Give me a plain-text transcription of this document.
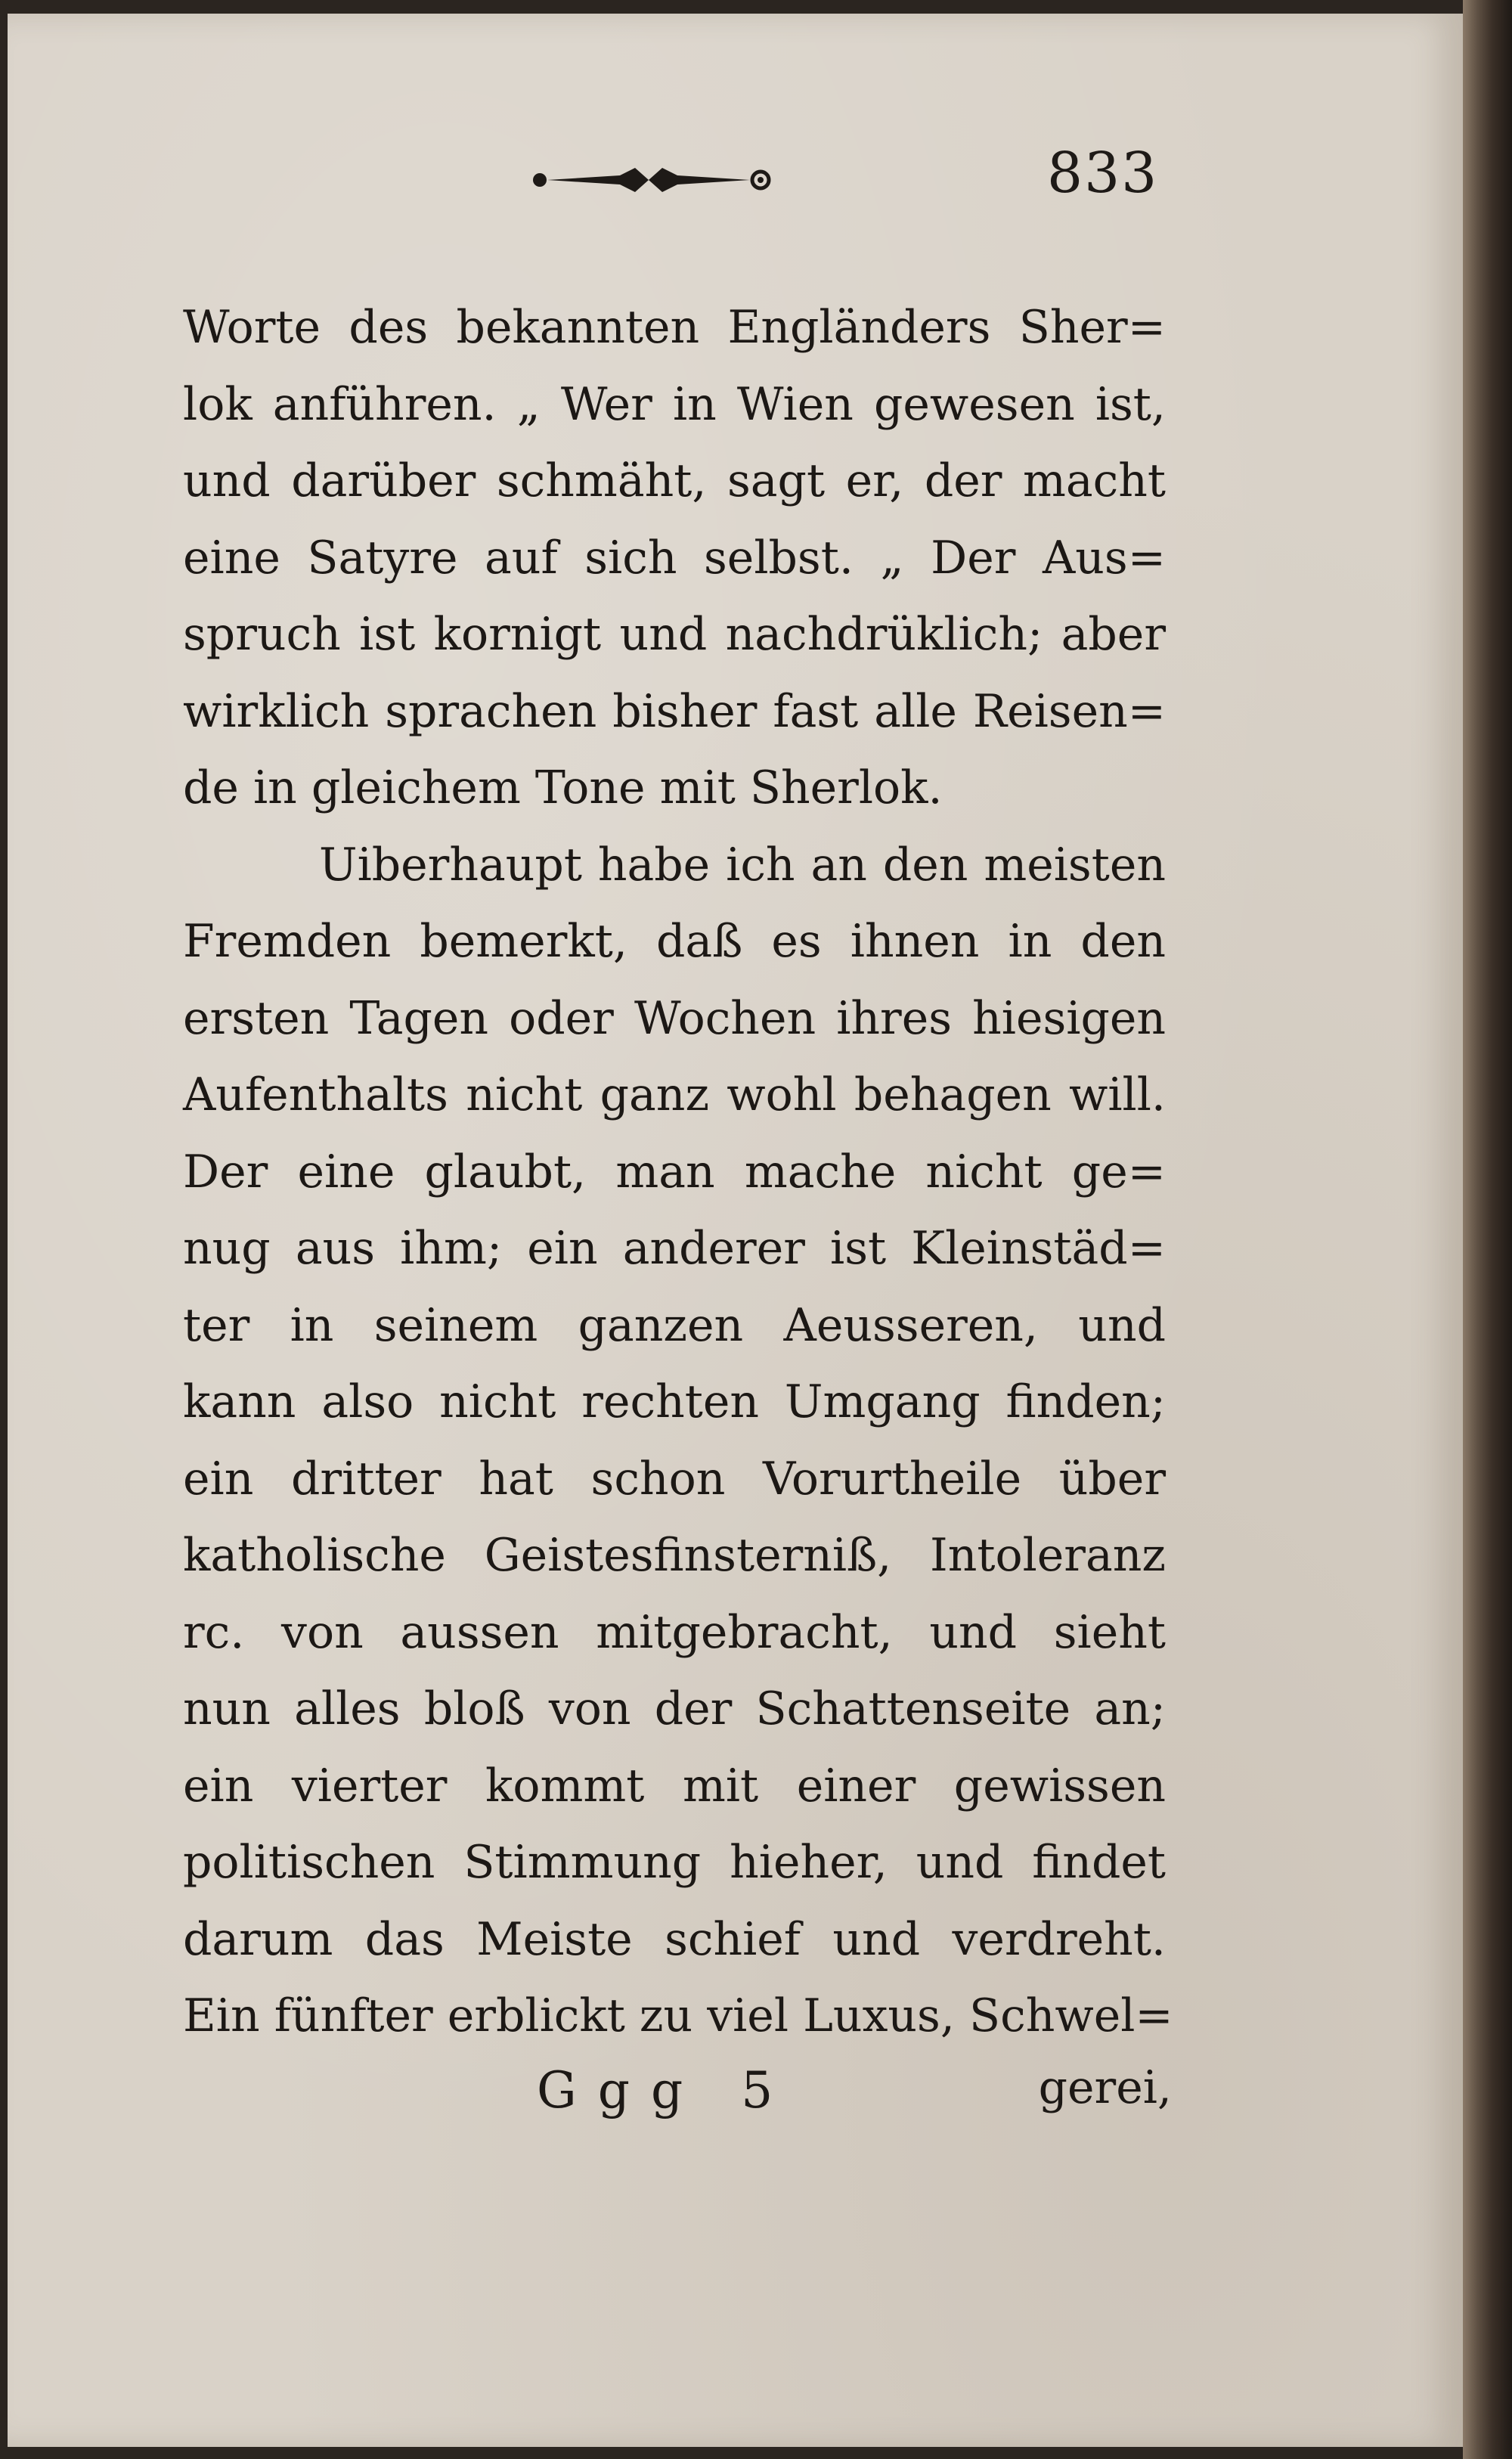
833
Worte des bekannten Engländers Sher=
lok anführen. „ Wer in Wien gewesen ist,
und darüber schmäht, sagt er, der macht
eine Satyre auf sich selbst. „ Der Aus=
spruch ist kornigt und nachdrüklich; aber
wirklich sprachen bisher fast alle Reisen=
de in gleichem Tone mit Sherlok.
Uiberhaupt habe ich an den meisten
Fremden bemerkt, daß es ihnen in den
ersten Tagen oder Wochen ihres hiesigen
Aufenthalts nicht ganz wohl behagen will.
Der eine glaubt, man mache nicht ge=
nug aus ihm; ein anderer ist Kleinstäd=
ter in seinem ganzen Aeusseren, und
kann also nicht rechten Umgang finden;
ein dritter hat schon Vorurtheile über
katholische Geistesfinsterniß, Intoleranz
rc. von aussen mitgebracht, und sieht
nun alles bloß von der Schattenseite an;
ein vierter kommt mit einer gewissen
politischen Stimmung hieher, und findet
darum das Meiste schief und verdreht.
Ein fünfter erblickt zu viel Luxus, Schwel=
Ggg 5	gerei,
